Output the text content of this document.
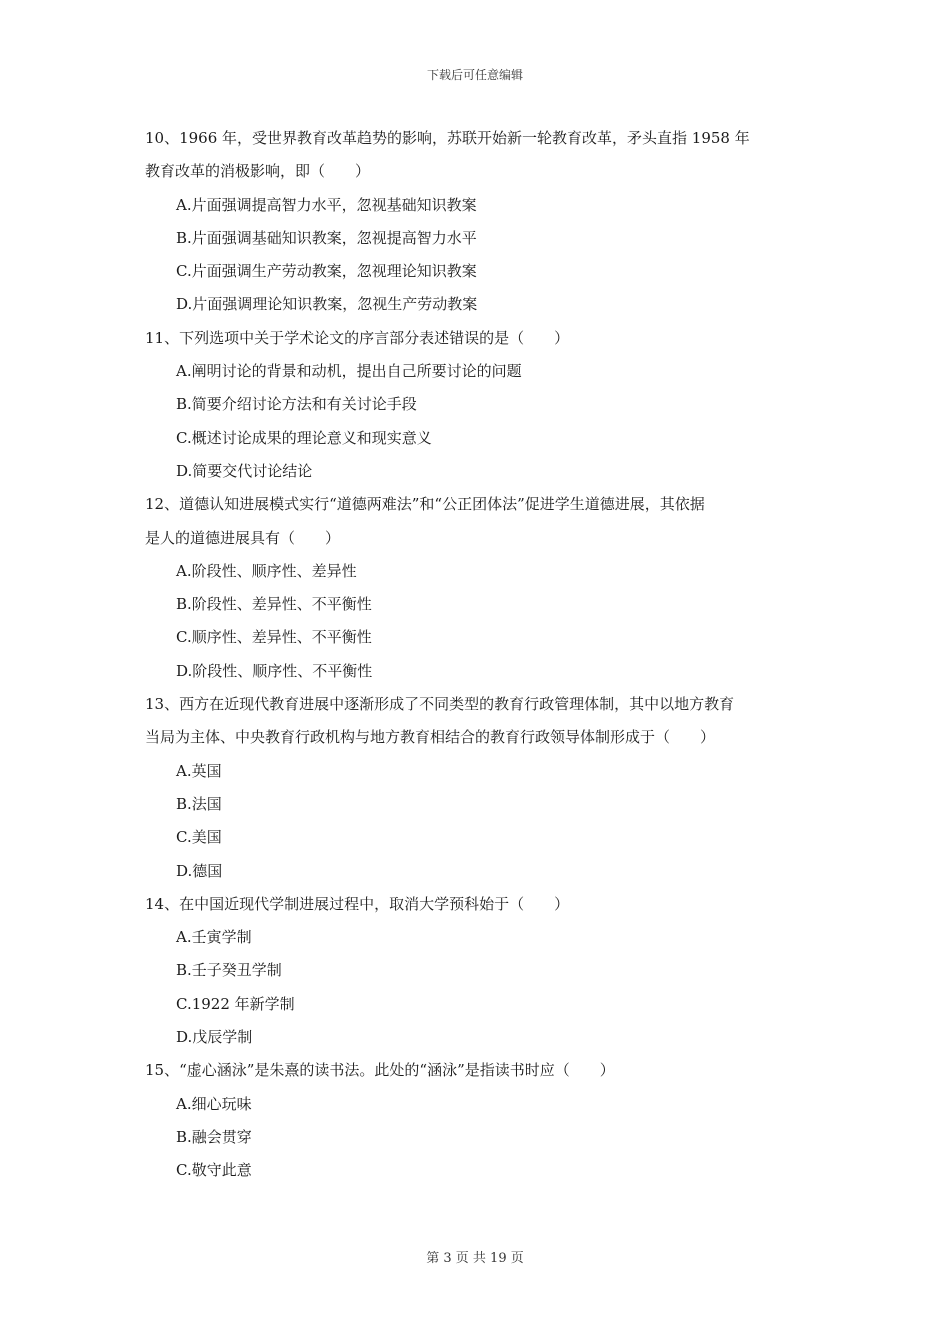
下载后可任意编辑
10、1966 年，受世界教育改革趋势的影响，苏联开始新一轮教育改革，矛头直指 1958 年
教育改革的消极影响，即（　　）
A.片面强调提高智力水平，忽视基础知识教案
B.片面强调基础知识教案，忽视提高智力水平
C.片面强调生产劳动教案，忽视理论知识教案
D.片面强调理论知识教案，忽视生产劳动教案
11、下列选项中关于学术论文的序言部分表述错误的是（　　）
A.阐明讨论的背景和动机，提出自己所要讨论的问题
B.简要介绍讨论方法和有关讨论手段
C.概述讨论成果的理论意义和现实意义
D.简要交代讨论结论
12、道德认知进展模式实行“道德两难法”和“公正团体法”促进学生道德进展，其依据
是人的道德进展具有（　　）
A.阶段性、顺序性、差异性
B.阶段性、差异性、不平衡性
C.顺序性、差异性、不平衡性
D.阶段性、顺序性、不平衡性
13、西方在近现代教育进展中逐渐形成了不同类型的教育行政管理体制，其中以地方教育
当局为主体、中央教育行政机构与地方教育相结合的教育行政领导体制形成于（　　）
A.英国
B.法国
C.美国
D.德国
14、在中国近现代学制进展过程中，取消大学预科始于（　　）
A.壬寅学制
B.壬子癸丑学制
C.1922 年新学制
D.戊辰学制
15、“虚心涵泳”是朱熹的读书法。此处的“涵泳”是指读书时应（　　）
A.细心玩味
B.融会贯穿
C.敬守此意
第 3 页 共 19 页
